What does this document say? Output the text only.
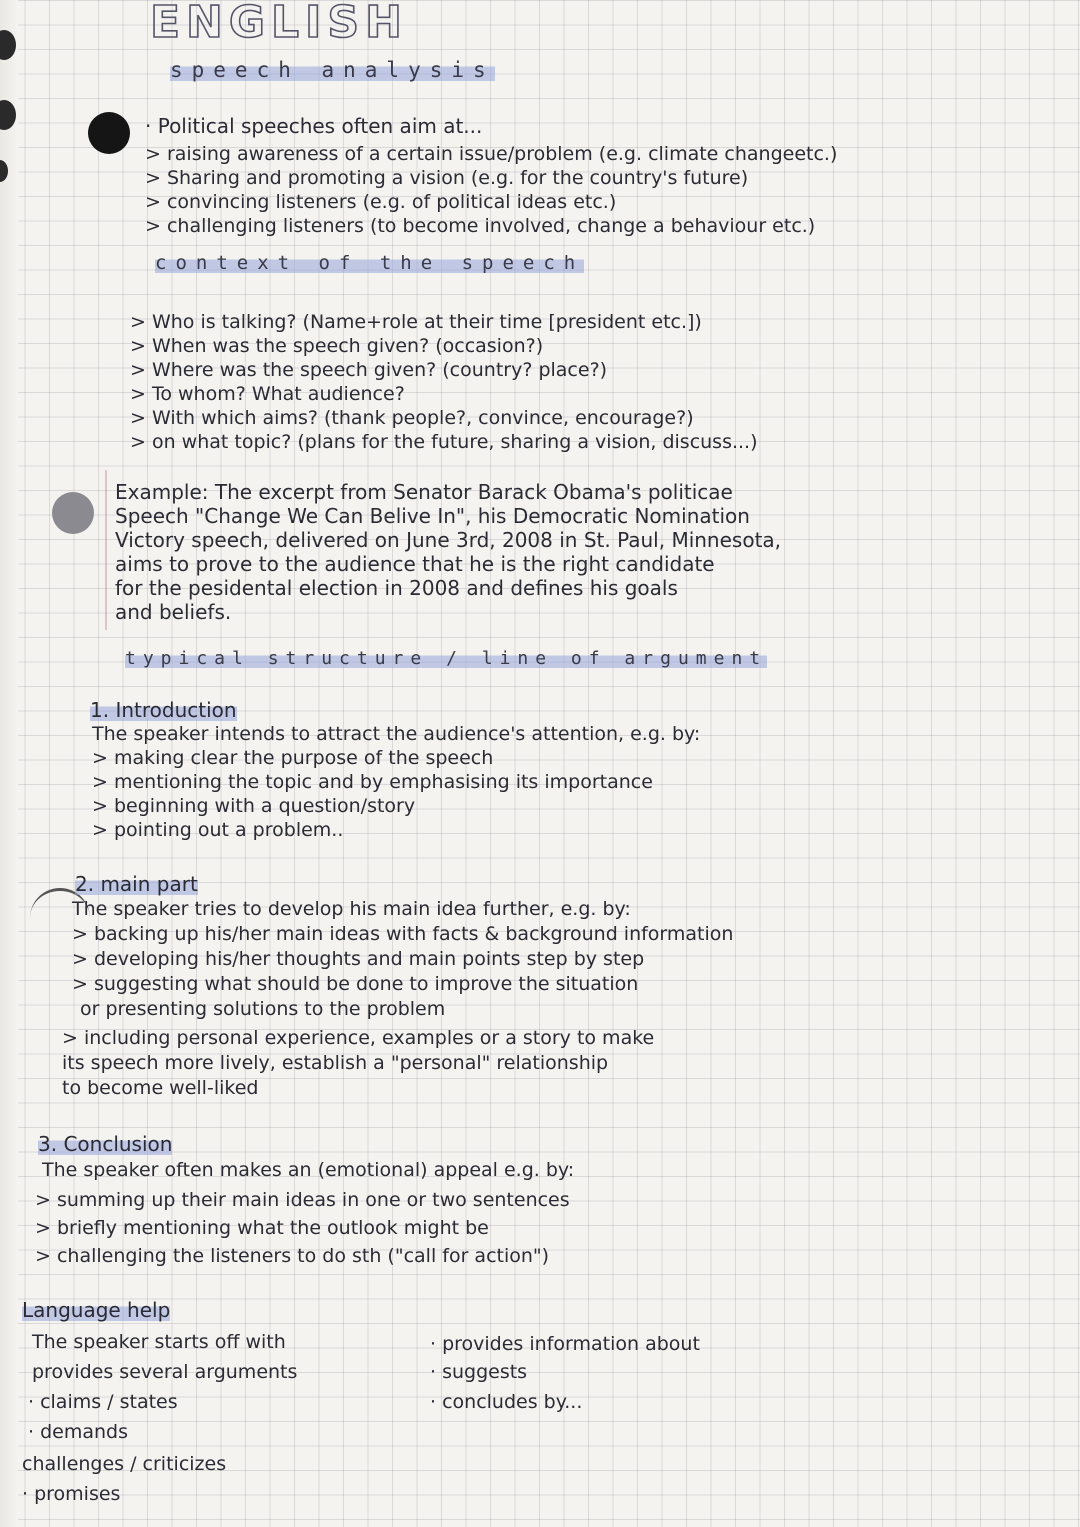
ENGLISH
speech analysis
· Political speeches often aim at...
> raising awareness of a certain issue/problem (e.g. climate changeetc.)
> Sharing and promoting a vision (e.g. for the country's future)
> convincing listeners (e.g. of political ideas etc.)
> challenging listeners (to become involved, change a behaviour etc.)
context of the speech
> Who is talking? (Name+role at their time [president etc.])
> When was the speech given? (occasion?)
> Where was the speech given? (country? place?)
> To whom? What audience?
> With which aims? (thank people?, convince, encourage?)
> on what topic? (plans for the future, sharing a vision, discuss...)
Example: The excerpt from Senator Barack Obama's politicae
Speech "Change We Can Belive In", his Democratic Nomination
Victory speech, delivered on June 3rd, 2008 in St. Paul, Minnesota,
aims to prove to the audience that he is the right candidate
for the pesidental election in 2008 and defines his goals
and beliefs.
typical structure / line of argument
1. Introduction
The speaker intends to attract the audience's attention, e.g. by:
> making clear the purpose of the speech
> mentioning the topic and by emphasising its importance
> beginning with a question/story
> pointing out a problem..
2. main part
The speaker tries to develop his main idea further, e.g. by:
> backing up his/her main ideas with facts & background information
> developing his/her thoughts and main points step by step
> suggesting what should be done to improve the situation
or presenting solutions to the problem
> including personal experience, examples or a story to make
its speech more lively, establish a "personal" relationship
to become well-liked
3. Conclusion
The speaker often makes an (emotional) appeal e.g. by:
> summing up their main ideas in one or two sentences
> briefly mentioning what the outlook might be
> challenging the listeners to do sth ("call for action")
Language help
The speaker starts off with
provides several arguments
· claims / states
· demands
challenges / criticizes
· promises
· provides information about
· suggests
· concludes by...
